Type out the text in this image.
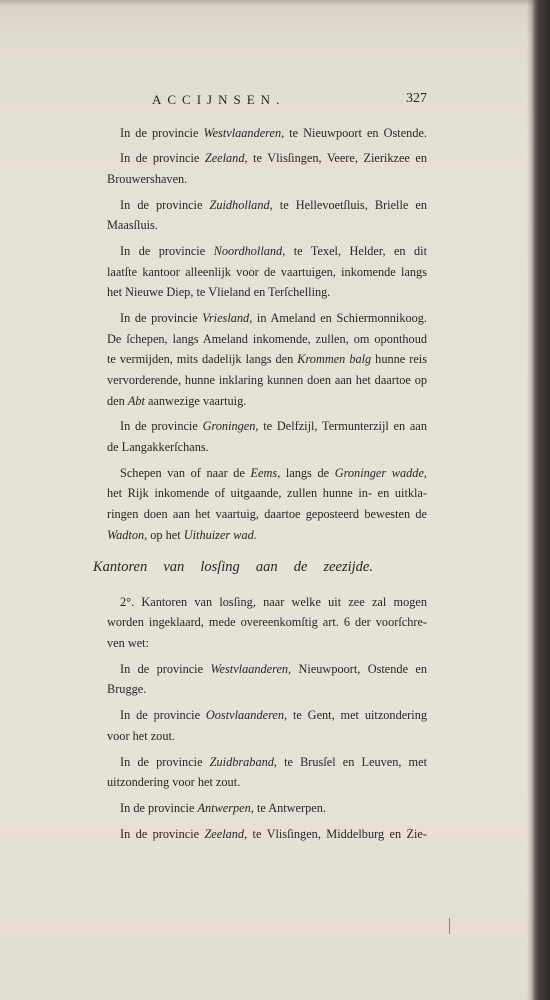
ACCIJNSEN.	327
In de provincie Westvlaanderen, te Nieuwpoort en Ostende.
In de provincie Zeeland, te Vlisſingen, Veere, Zierikzee en
Brouwershaven.
In de provincie Zuidholland, te Hellevoetſluis, Brielle en
Maasſluis.
In de provincie Noordholland, te Texel, Helder, en dit
laatſte kantoor alleenlijk voor de vaartuigen, inkomende langs
het Nieuwe Diep, te Vlieland en Terſchelling.
In de provincie Vriesland, in Ameland en Schiermonnikoog.
De ſchepen, langs Ameland inkomende, zullen, om oponthoud
te vermijden, mits dadelijk langs den Krommen balg hunne reis
vervorderende, hunne inklaring kunnen doen aan het daartoe op
den Abt aanwezige vaartuig.
In de provincie Groningen, te Delfzijl, Termunterzijl en aan
de Langakkerſchans.
Schepen van of naar de Eems, langs de Groninger wadde,
het Rijk inkomende of uitgaande, zullen hunne in- en uitkla-
ringen doen aan het vaartuig, daartoe geposteerd bewesten de
Wadton, op het Uithuizer wad.
Kantoren van losſing aan de zeezijde.
2°. Kantoren van losſing, naar welke uit zee zal mogen
worden ingeklaard, mede overeenkomſtig art. 6 der voorſchre-
ven wet:
In de provincie Westvlaanderen, Nieuwpoort, Ostende en
Brugge.
In de provincie Oostvlaanderen, te Gent, met uitzondering
voor het zout.
In de provincie Zuidbraband, te Brusſel en Leuven, met
uitzondering voor het zout.
In de provincie Antwerpen, te Antwerpen.
In de provincie Zeeland, te Vlisſingen, Middelburg en Zie-
